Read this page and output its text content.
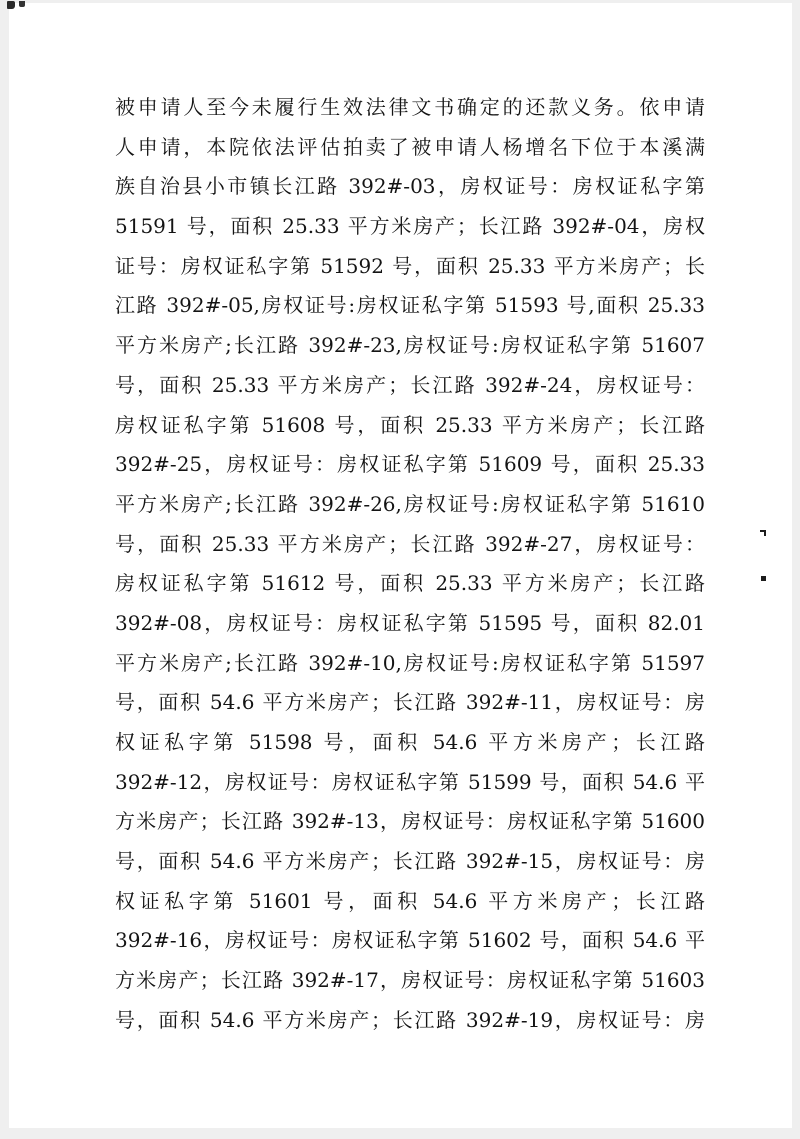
被申请人至今未履行生效法律文书确定的还款义务。依申请
人申请，本院依法评估拍卖了被申请人杨增名下位于本溪满
族自治县小市镇长江路 392#-03，房权证号：房权证私字第
51591 号，面积 25.33 平方米房产；长江路 392#-04，房权
证号：房权证私字第 51592 号，面积 25.33 平方米房产；长
江路 392#-05,房权证号:房权证私字第 51593 号,面积 25.33
平方米房产;长江路 392#-23,房权证号:房权证私字第 51607
号，面积 25.33 平方米房产；长江路 392#-24，房权证号：
房权证私字第 51608 号，面积 25.33 平方米房产；长江路
392#-25，房权证号：房权证私字第 51609 号，面积 25.33
平方米房产;长江路 392#-26,房权证号:房权证私字第 51610
号，面积 25.33 平方米房产；长江路 392#-27，房权证号：
房权证私字第 51612 号，面积 25.33 平方米房产；长江路
392#-08，房权证号：房权证私字第 51595 号，面积 82.01
平方米房产;长江路 392#-10,房权证号:房权证私字第 51597
号，面积 54.6 平方米房产；长江路 392#-11，房权证号：房
权证私字第 51598 号，面积 54.6 平方米房产；长江路
392#-12，房权证号：房权证私字第 51599 号，面积 54.6 平
方米房产；长江路 392#-13，房权证号：房权证私字第 51600
号，面积 54.6 平方米房产；长江路 392#-15，房权证号：房
权证私字第 51601 号，面积 54.6 平方米房产；长江路
392#-16，房权证号：房权证私字第 51602 号，面积 54.6 平
方米房产；长江路 392#-17，房权证号：房权证私字第 51603
号，面积 54.6 平方米房产；长江路 392#-19，房权证号：房
